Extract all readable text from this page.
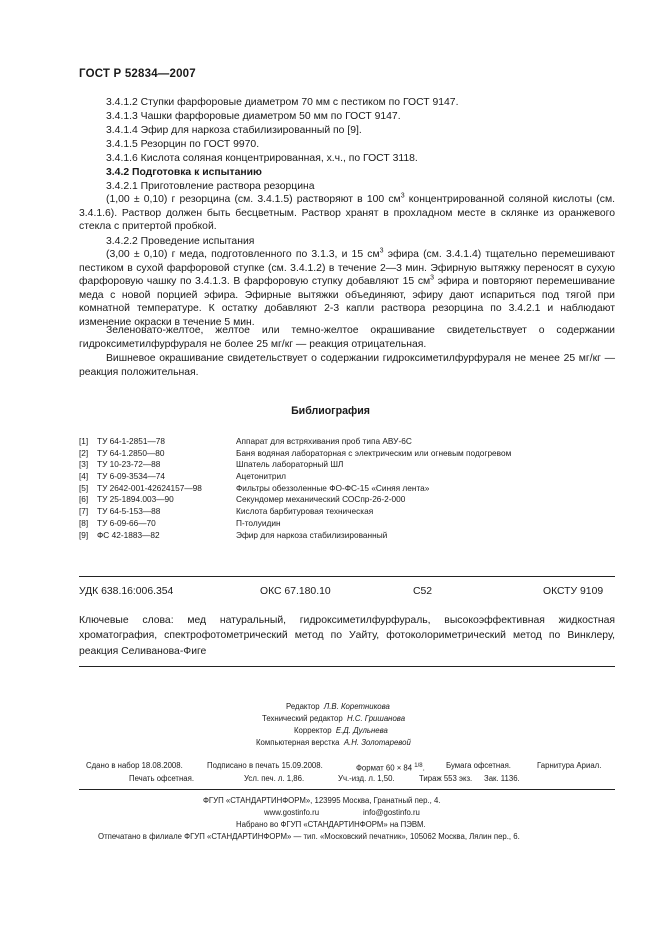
ГОСТ Р 52834—2007
3.4.1.2 Ступки фарфоровые диаметром 70 мм с пестиком по ГОСТ 9147.
3.4.1.3 Чашки фарфоровые диаметром 50 мм по ГОСТ 9147.
3.4.1.4 Эфир для наркоза стабилизированный по [9].
3.4.1.5 Резорцин по ГОСТ 9970.
3.4.1.6 Кислота соляная концентрированная, х.ч., по ГОСТ 3118.
3.4.2 Подготовка к испытанию
3.4.2.1 Приготовление раствора резорцина
(1,00 ± 0,10) г резорцина (см. 3.4.1.5) растворяют в 100 $см^3$ концентрированной соляной кислоты (см. 3.4.1.6). Раствор должен быть бесцветным. Раствор хранят в прохладном месте в склянке из оранжевого стекла с притертой пробкой.
3.4.2.2 Проведение испытания
(3,00 ± 0,10) г меда, подготовленного по 3.1.3, и 15 $см^3$ эфира (см. 3.4.1.4) тщательно перемешивают пестиком в сухой фарфоровой ступке (см. 3.4.1.2) в течение 2—3 мин. Эфирную вытяжку переносят в сухую фарфоровую чашку по 3.4.1.3. В фарфоровую ступку добавляют 15 $см^3$ эфира и повторяют перемешивание меда с новой порцией эфира. Эфирные вытяжки объединяют, эфиру дают испариться под тягой при комнатной температуре. К остатку добавляют 2-3 капли раствора резорцина по 3.4.2.1 и наблюдают изменение окраски в течение 5 мин.
Зеленовато-желтое, желтое или темно-желтое окрашивание свидетельствует о содержании гидроксиметилфурфураля не более 25 мг/кг — реакция отрицательная.
Вишневое окрашивание свидетельствует о содержании гидроксиметилфурфураля не менее 25 мг/кг — реакция положительная.
Библиография
[1]	ТУ 64-1-2851—78	Аппарат для встряхивания проб типа АВУ-6С
[2]	ТУ 64-1.2850—80	Баня водяная лабораторная с электрическим или огневым подогревом
[3]	ТУ 10-23-72—88	Шпатель лабораторный ШЛ
[4]	ТУ 6-09-3534—74	Ацетонитрил
[5]	ТУ 2642-001-42624157—98	Фильтры обеззоленные ФО-ФС-15 «Синяя лента»
[6]	ТУ 25-1894.003—90	Секундомер механический СОСпр-26-2-000
[7]	ТУ 64-5-153—88	Кислота барбитуровая техническая
[8]	ТУ 6-09-66—70	П-толуидин
[9]	ФС 42-1883—82	Эфир для наркоза стабилизированный
УДК 638.16:006.354	ОКС 67.180.10	С52	ОКСТУ 9109
Ключевые слова: мед натуральный, гидроксиметилфурфураль, высокоэффективная жидкостная хроматография, спектрофотометрический метод по Уайту, фотоколориметрический метод по Винклеру, реакция Селиванова-Фиге
Редактор Л.В. Коретникова
Технический редактор Н.С. Гришанова
Корректор Е.Д. Дульнева
Компьютерная верстка А.Н. Золотаревой
Сдано в набор 18.08.2008.	Подписано в печать 15.09.2008.	Формат 60 × 84 $^{1/8}$.	Бумага офсетная.	Гарнитура Ариал.
Печать офсетная.	Усл. печ. л. 1,86.	Уч.-изд. л. 1,50.	Тираж 553 экз. Зак. 1136.
ФГУП «СТАНДАРТИНФОРМ», 123995 Москва, Гранатный пер., 4.
www.gostinfo.ru	info@gostinfo.ru
Набрано во ФГУП «СТАНДАРТИНФОРМ» на ПЭВМ.
Отпечатано в филиале ФГУП «СТАНДАРТИНФОРМ» — тип. «Московский печатник», 105062 Москва, Лялин пер., 6.
